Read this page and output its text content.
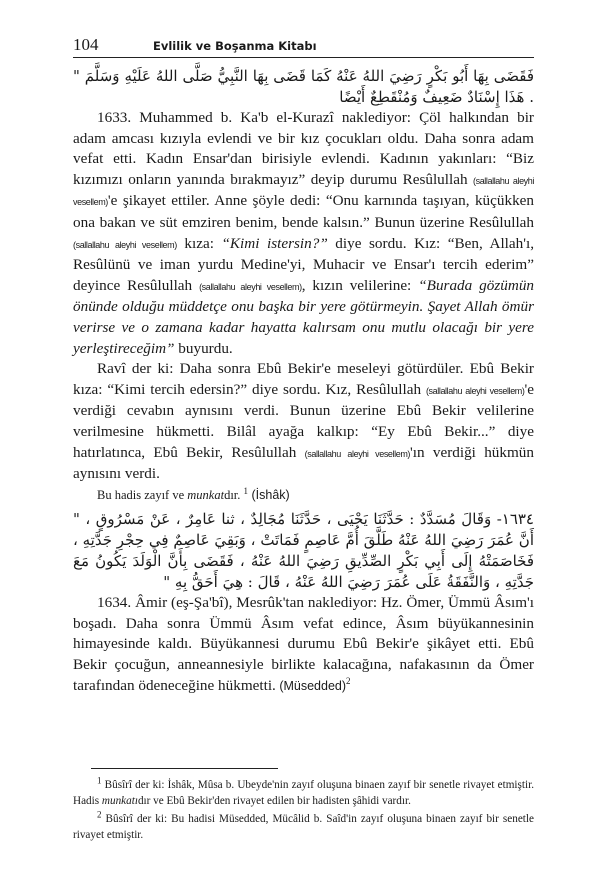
104	Evlilik ve Boşanma Kitabı
فَقَضَى بِهَا أَبُو بَكْرٍ رَضِيَ اللهُ عَنْهُ كَمَا قَضَى بِهَا النَّبِيُّ صَلَّى اللهُ عَلَيْهِ وَسَلَّمَ " . هَذَا إِسْنَادٌ ضَعِيفٌ وَمُنْقَطِعٌ أَيْضًا

1633. Muhammed b. Ka'b el-Kurazî naklediyor: Çöl halkından bir adam amcası kızıyla evlendi ve bir kız çocukları oldu. Daha sonra adam vefat etti. Kadın Ensar'dan birisiyle evlendi. Kadının yakınları: “Biz kızımızı onların yanında bırakmayız” deyip durumu Resûlullah (sallallahu aleyhi vesellem)'e şikayet ettiler. Anne şöyle dedi: “Onu karnında taşıyan, küçükken ona bakan ve süt emziren benim, bende kalsın.” Bunun üzerine Resûlullah (sallallahu aleyhi vesellem) kıza: “Kimi istersin?” diye sordu. Kız: “Ben, Allah'ı, Resûlünü ve iman yurdu Medine'yi, Muhacir ve Ensar'ı tercih ederim” deyince Resûlullah (sallallahu aleyhi vesellem), kızın velilerine: “Burada gözümün önünde olduğu müddetçe onu başka bir yere götürmeyin. Şayet Allah ömür verirse ve o zamana kadar hayatta kalırsam onu mutlu olacağı bir yere yerleştireceğim” buyurdu.

Ravî der ki: Daha sonra Ebû Bekir'e meseleyi götürdüler. Ebû Bekir kıza: “Kimi tercih edersin?” diye sordu. Kız, Resûlullah (sallallahu aleyhi vesellem)'e verdiği cevabın aynısını verdi. Bunun üzerine Ebû Bekir velilerine verilmesine hükmetti. Bilâl ayağa kalkıp: “Ey Ebû Bekir...” diye hatırlatınca, Ebû Bekir, Resûlullah (sallallahu aleyhi vesellem)'ın verdiği hükmün aynısını verdi.

Bu hadis zayıf ve munkatdır. $^1$ (İshâk)

١٦٣٤- وَقَالَ مُسَدَّدٌ : حَدَّثَنَا يَحْيَى ، حَدَّثَنَا مُجَالِدٌ ، ثنا عَامِرٌ ، عَنْ مَسْرُوقٍ ، " أَنَّ عُمَرَ رَضِيَ اللهُ عَنْهُ طَلَّقَ أُمَّ عَاصِمٍ فَمَاتَتْ ، وَبَقِيَ عَاصِمٌ فِي حِجْرِ جَدَّتِهِ ، فَخَاصَمَتْهُ إِلَى أَبِي بَكْرٍ الصِّدِّيقِ رَضِيَ اللهُ عَنْهُ ، فَقَضَى بِأَنَّ الْوَلَدَ يَكُونُ مَعَ جَدَّتِهِ ، وَالنَّفَقَةُ عَلَى عُمَرَ رَضِيَ اللهُ عَنْهُ ، قَالَ : هِيَ أَحَقُّ بِهِ "

1634. Âmir (eş-Şa'bî), Mesrûk'tan naklediyor: Hz. Ömer, Ümmü Âsım'ı boşadı. Daha sonra Ümmü Âsım vefat edince, Âsım büyükannesinin himayesinde kaldı. Büyükannesi durumu Ebû Bekir'e şikâyet etti. Ebû Bekir çocuğun, anneannesiyle birlikte kalacağına, nafakasının da Ömer tarafından ödeneceğine hükmetti. (Müsedded)$^2$

$^1$ Bûsîrî der ki: İshâk, Mûsa b. Ubeyde'nin zayıf oluşuna binaen zayıf bir senetle rivayet etmiştir. Hadis munkatıdır ve Ebû Bekir'den rivayet edilen bir hadisten şâhidi vardır.
$^2$ Bûsîrî der ki: Bu hadisi Müsedded, Mücâlid b. Saîd'in zayıf oluşuna binaen zayıf bir senetle rivayet etmiştir.
